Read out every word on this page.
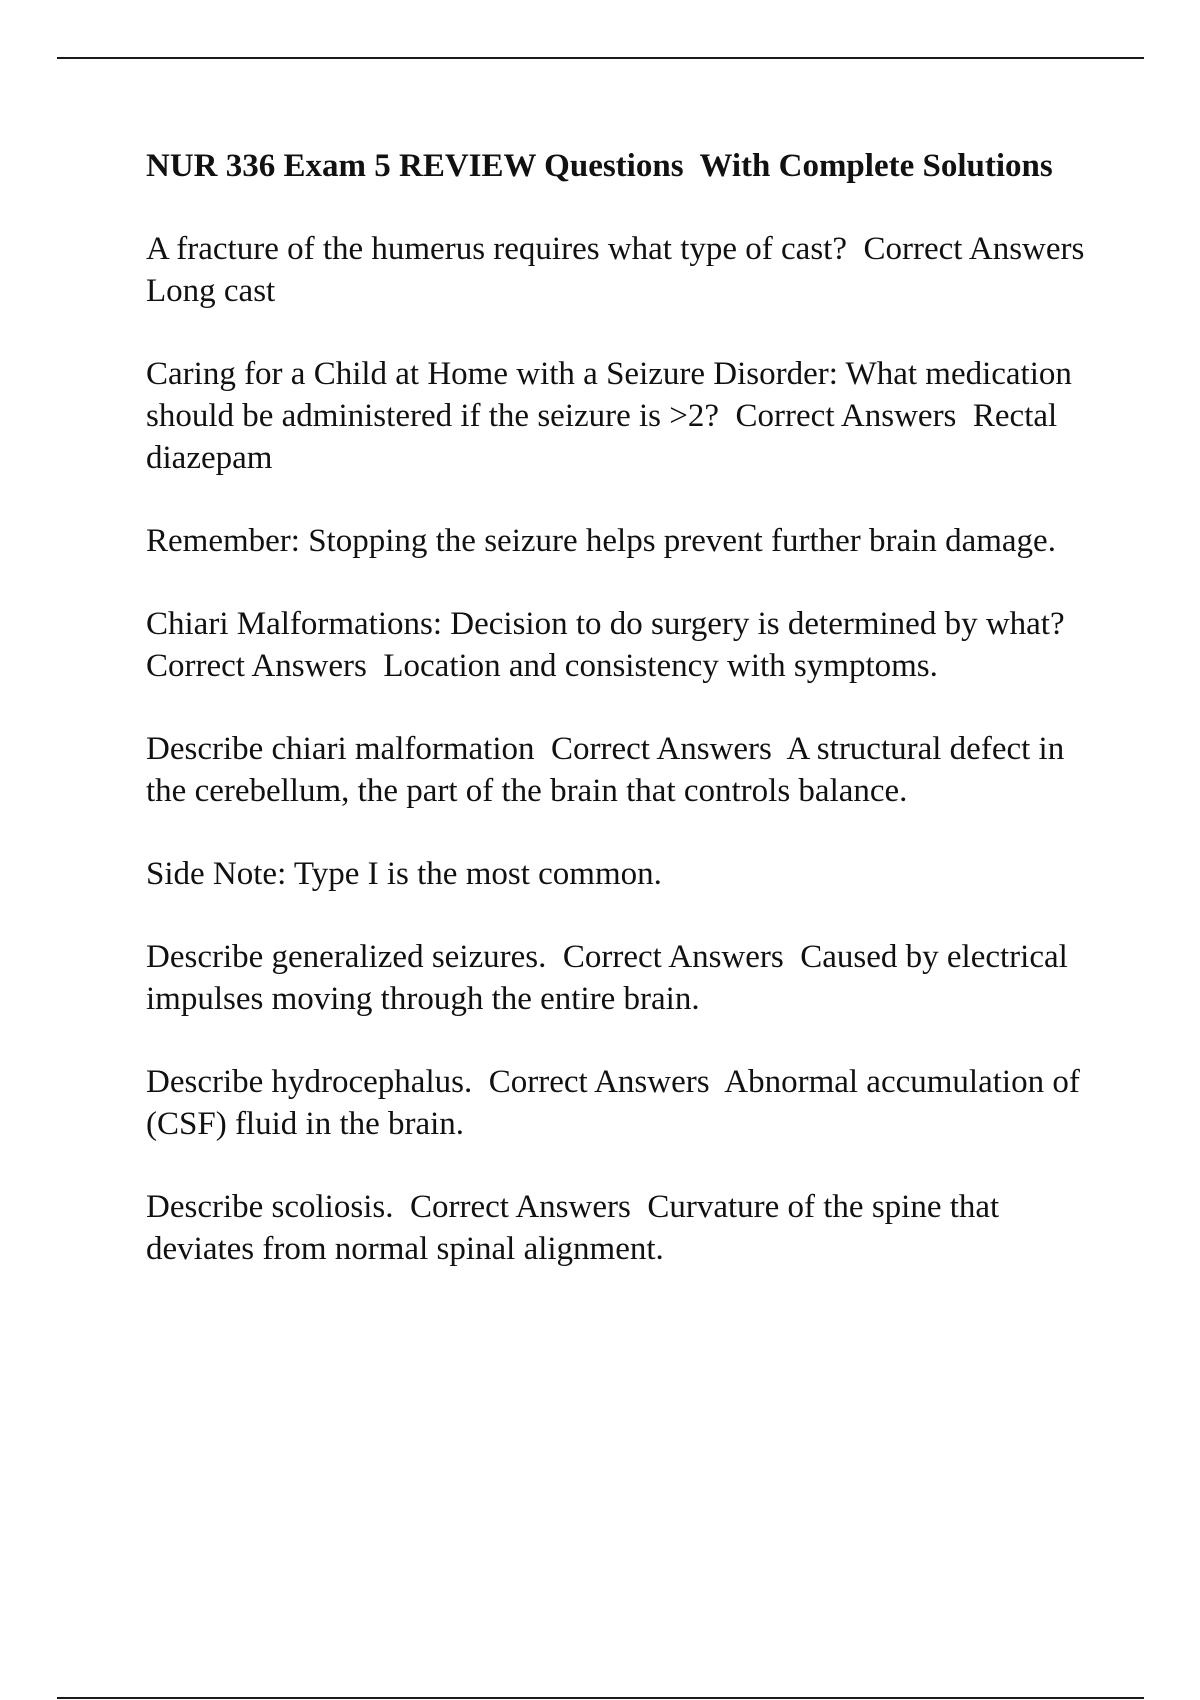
NUR 336 Exam 5 REVIEW Questions  With Complete Solutions

A fracture of the humerus requires what type of cast?  Correct Answers  Long cast

Caring for a Child at Home with a Seizure Disorder: What medication should be administered if the seizure is >2?  Correct Answers  Rectal diazepam

Remember: Stopping the seizure helps prevent further brain damage.

Chiari Malformations: Decision to do surgery is determined by what?  Correct Answers  Location and consistency with symptoms.

Describe chiari malformation  Correct Answers  A structural defect in the cerebellum, the part of the brain that controls balance.

Side Note: Type I is the most common.

Describe generalized seizures.  Correct Answers  Caused by electrical impulses moving through the entire brain.

Describe hydrocephalus.  Correct Answers  Abnormal accumulation of (CSF) fluid in the brain.

Describe scoliosis.  Correct Answers  Curvature of the spine that deviates from normal spinal alignment.
